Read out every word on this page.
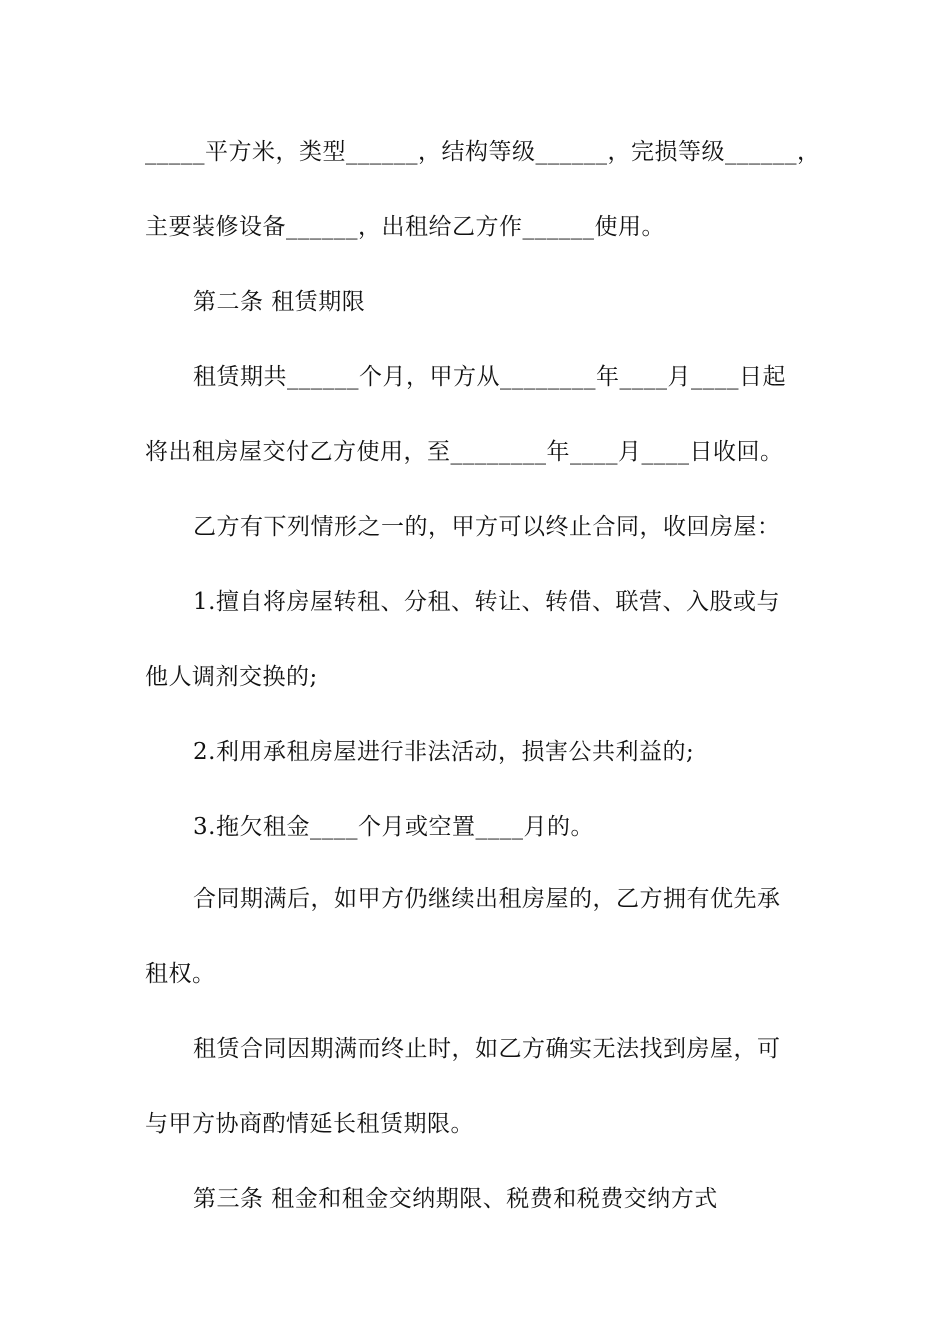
_____平方米，类型______，结构等级______，完损等级______，
主要装修设备______，出租给乙方作______使用。
第二条 租赁期限
租赁期共______个月，甲方从________年____月____日起
将出租房屋交付乙方使用，至________年____月____日收回。
乙方有下列情形之一的，甲方可以终止合同，收回房屋：
1.擅自将房屋转租、分租、转让、转借、联营、入股或与
他人调剂交换的;
2.利用承租房屋进行非法活动，损害公共利益的;
3.拖欠租金____个月或空置____月的。
合同期满后，如甲方仍继续出租房屋的，乙方拥有优先承
租权。
租赁合同因期满而终止时，如乙方确实无法找到房屋，可
与甲方协商酌情延长租赁期限。
第三条 租金和租金交纳期限、税费和税费交纳方式
